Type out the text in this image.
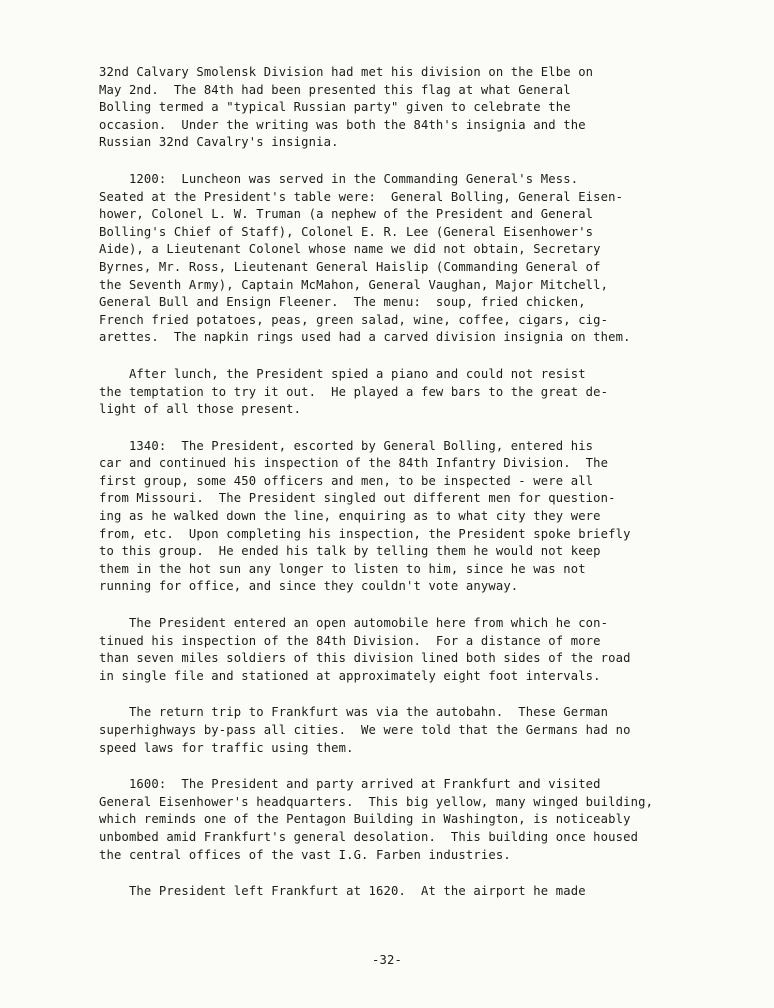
32nd Calvary Smolensk Division had met his division on the Elbe on
May 2nd.  The 84th had been presented this flag at what General
Bolling termed a "typical Russian party" given to celebrate the
occasion.  Under the writing was both the 84th's insignia and the
Russian 32nd Cavalry's insignia.
1200:  Luncheon was served in the Commanding General's Mess.
Seated at the President's table were:  General Bolling, General Eisen-
hower, Colonel L. W. Truman (a nephew of the President and General
Bolling's Chief of Staff), Colonel E. R. Lee (General Eisenhower's
Aide), a Lieutenant Colonel whose name we did not obtain, Secretary
Byrnes, Mr. Ross, Lieutenant General Haislip (Commanding General of
the Seventh Army), Captain McMahon, General Vaughan, Major Mitchell,
General Bull and Ensign Fleener.  The menu:  soup, fried chicken,
French fried potatoes, peas, green salad, wine, coffee, cigars, cig-
arettes.  The napkin rings used had a carved division insignia on them.
After lunch, the President spied a piano and could not resist
the temptation to try it out.  He played a few bars to the great de-
light of all those present.
1340:  The President, escorted by General Bolling, entered his
car and continued his inspection of the 84th Infantry Division.  The
first group, some 450 officers and men, to be inspected - were all
from Missouri.  The President singled out different men for question-
ing as he walked down the line, enquiring as to what city they were
from, etc.  Upon completing his inspection, the President spoke briefly
to this group.  He ended his talk by telling them he would not keep
them in the hot sun any longer to listen to him, since he was not
running for office, and since they couldn't vote anyway.
The President entered an open automobile here from which he con-
tinued his inspection of the 84th Division.  For a distance of more
than seven miles soldiers of this division lined both sides of the road
in single file and stationed at approximately eight foot intervals.
The return trip to Frankfurt was via the autobahn.  These German
superhighways by-pass all cities.  We were told that the Germans had no
speed laws for traffic using them.
1600:  The President and party arrived at Frankfurt and visited
General Eisenhower's headquarters.  This big yellow, many winged building,
which reminds one of the Pentagon Building in Washington, is noticeably
unbombed amid Frankfurt's general desolation.  This building once housed
the central offices of the vast I.G. Farben industries.
The President left Frankfurt at 1620.  At the airport he made
-32-
